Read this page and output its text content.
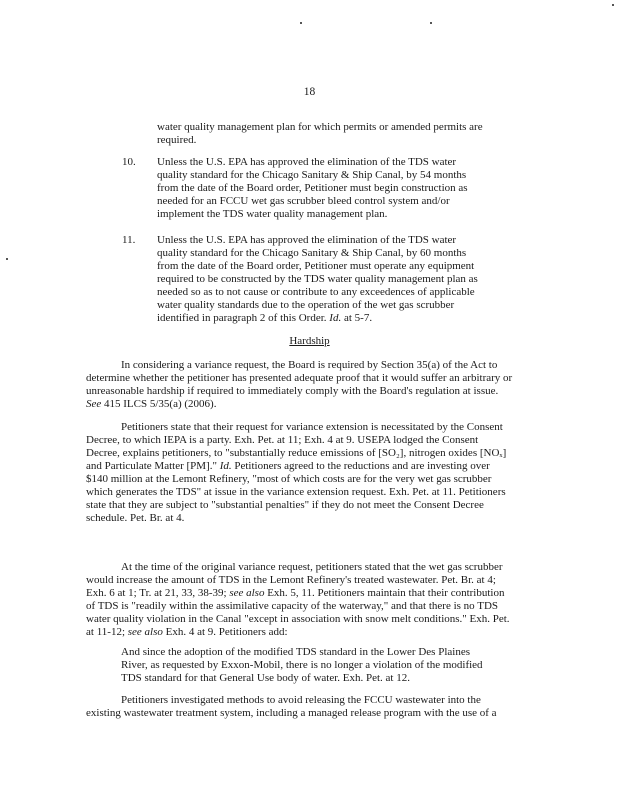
18
water quality management plan for which permits or amended permits are
required.
10. Unless the U.S. EPA has approved the elimination of the TDS water
quality standard for the Chicago Sanitary & Ship Canal, by 54 months
from the date of the Board order, Petitioner must begin construction as
needed for an FCCU wet gas scrubber bleed control system and/or
implement the TDS water quality management plan.
11. Unless the U.S. EPA has approved the elimination of the TDS water
quality standard for the Chicago Sanitary & Ship Canal, by 60 months
from the date of the Board order, Petitioner must operate any equipment
required to be constructed by the TDS water quality management plan as
needed so as to not cause or contribute to any exceedences of applicable
water quality standards due to the operation of the wet gas scrubber
identified in paragraph 2 of this Order. Id. at 5-7.
Hardship
In considering a variance request, the Board is required by Section 35(a) of the Act to
determine whether the petitioner has presented adequate proof that it would suffer an arbitrary or
unreasonable hardship if required to immediately comply with the Board's regulation at issue.
See 415 ILCS 5/35(a) (2006).
Petitioners state that their request for variance extension is necessitated by the Consent
Decree, to which IEPA is a party. Exh. Pet. at 11; Exh. 4 at 9. USEPA lodged the Consent
Decree, explains petitioners, to "substantially reduce emissions of [SO₂], nitrogen oxides [NOₓ]
and Particulate Matter [PM]." Id. Petitioners agreed to the reductions and are investing over
$140 million at the Lemont Refinery, "most of which costs are for the very wet gas scrubber
which generates the TDS" at issue in the variance extension request. Exh. Pet. at 11. Petitioners
state that they are subject to "substantial penalties" if they do not meet the Consent Decree
schedule. Pet. Br. at 4.
At the time of the original variance request, petitioners stated that the wet gas scrubber
would increase the amount of TDS in the Lemont Refinery's treated wastewater. Pet. Br. at 4;
Exh. 6 at 1; Tr. at 21, 33, 38-39; see also Exh. 5, 11. Petitioners maintain that their contribution
of TDS is "readily within the assimilative capacity of the waterway," and that there is no TDS
water quality violation in the Canal "except in association with snow melt conditions." Exh. Pet.
at 11-12; see also Exh. 4 at 9. Petitioners add:
And since the adoption of the modified TDS standard in the Lower Des Plaines
River, as requested by Exxon-Mobil, there is no longer a violation of the modified
TDS standard for that General Use body of water. Exh. Pet. at 12.
Petitioners investigated methods to avoid releasing the FCCU wastewater into the
existing wastewater treatment system, including a managed release program with the use of a
